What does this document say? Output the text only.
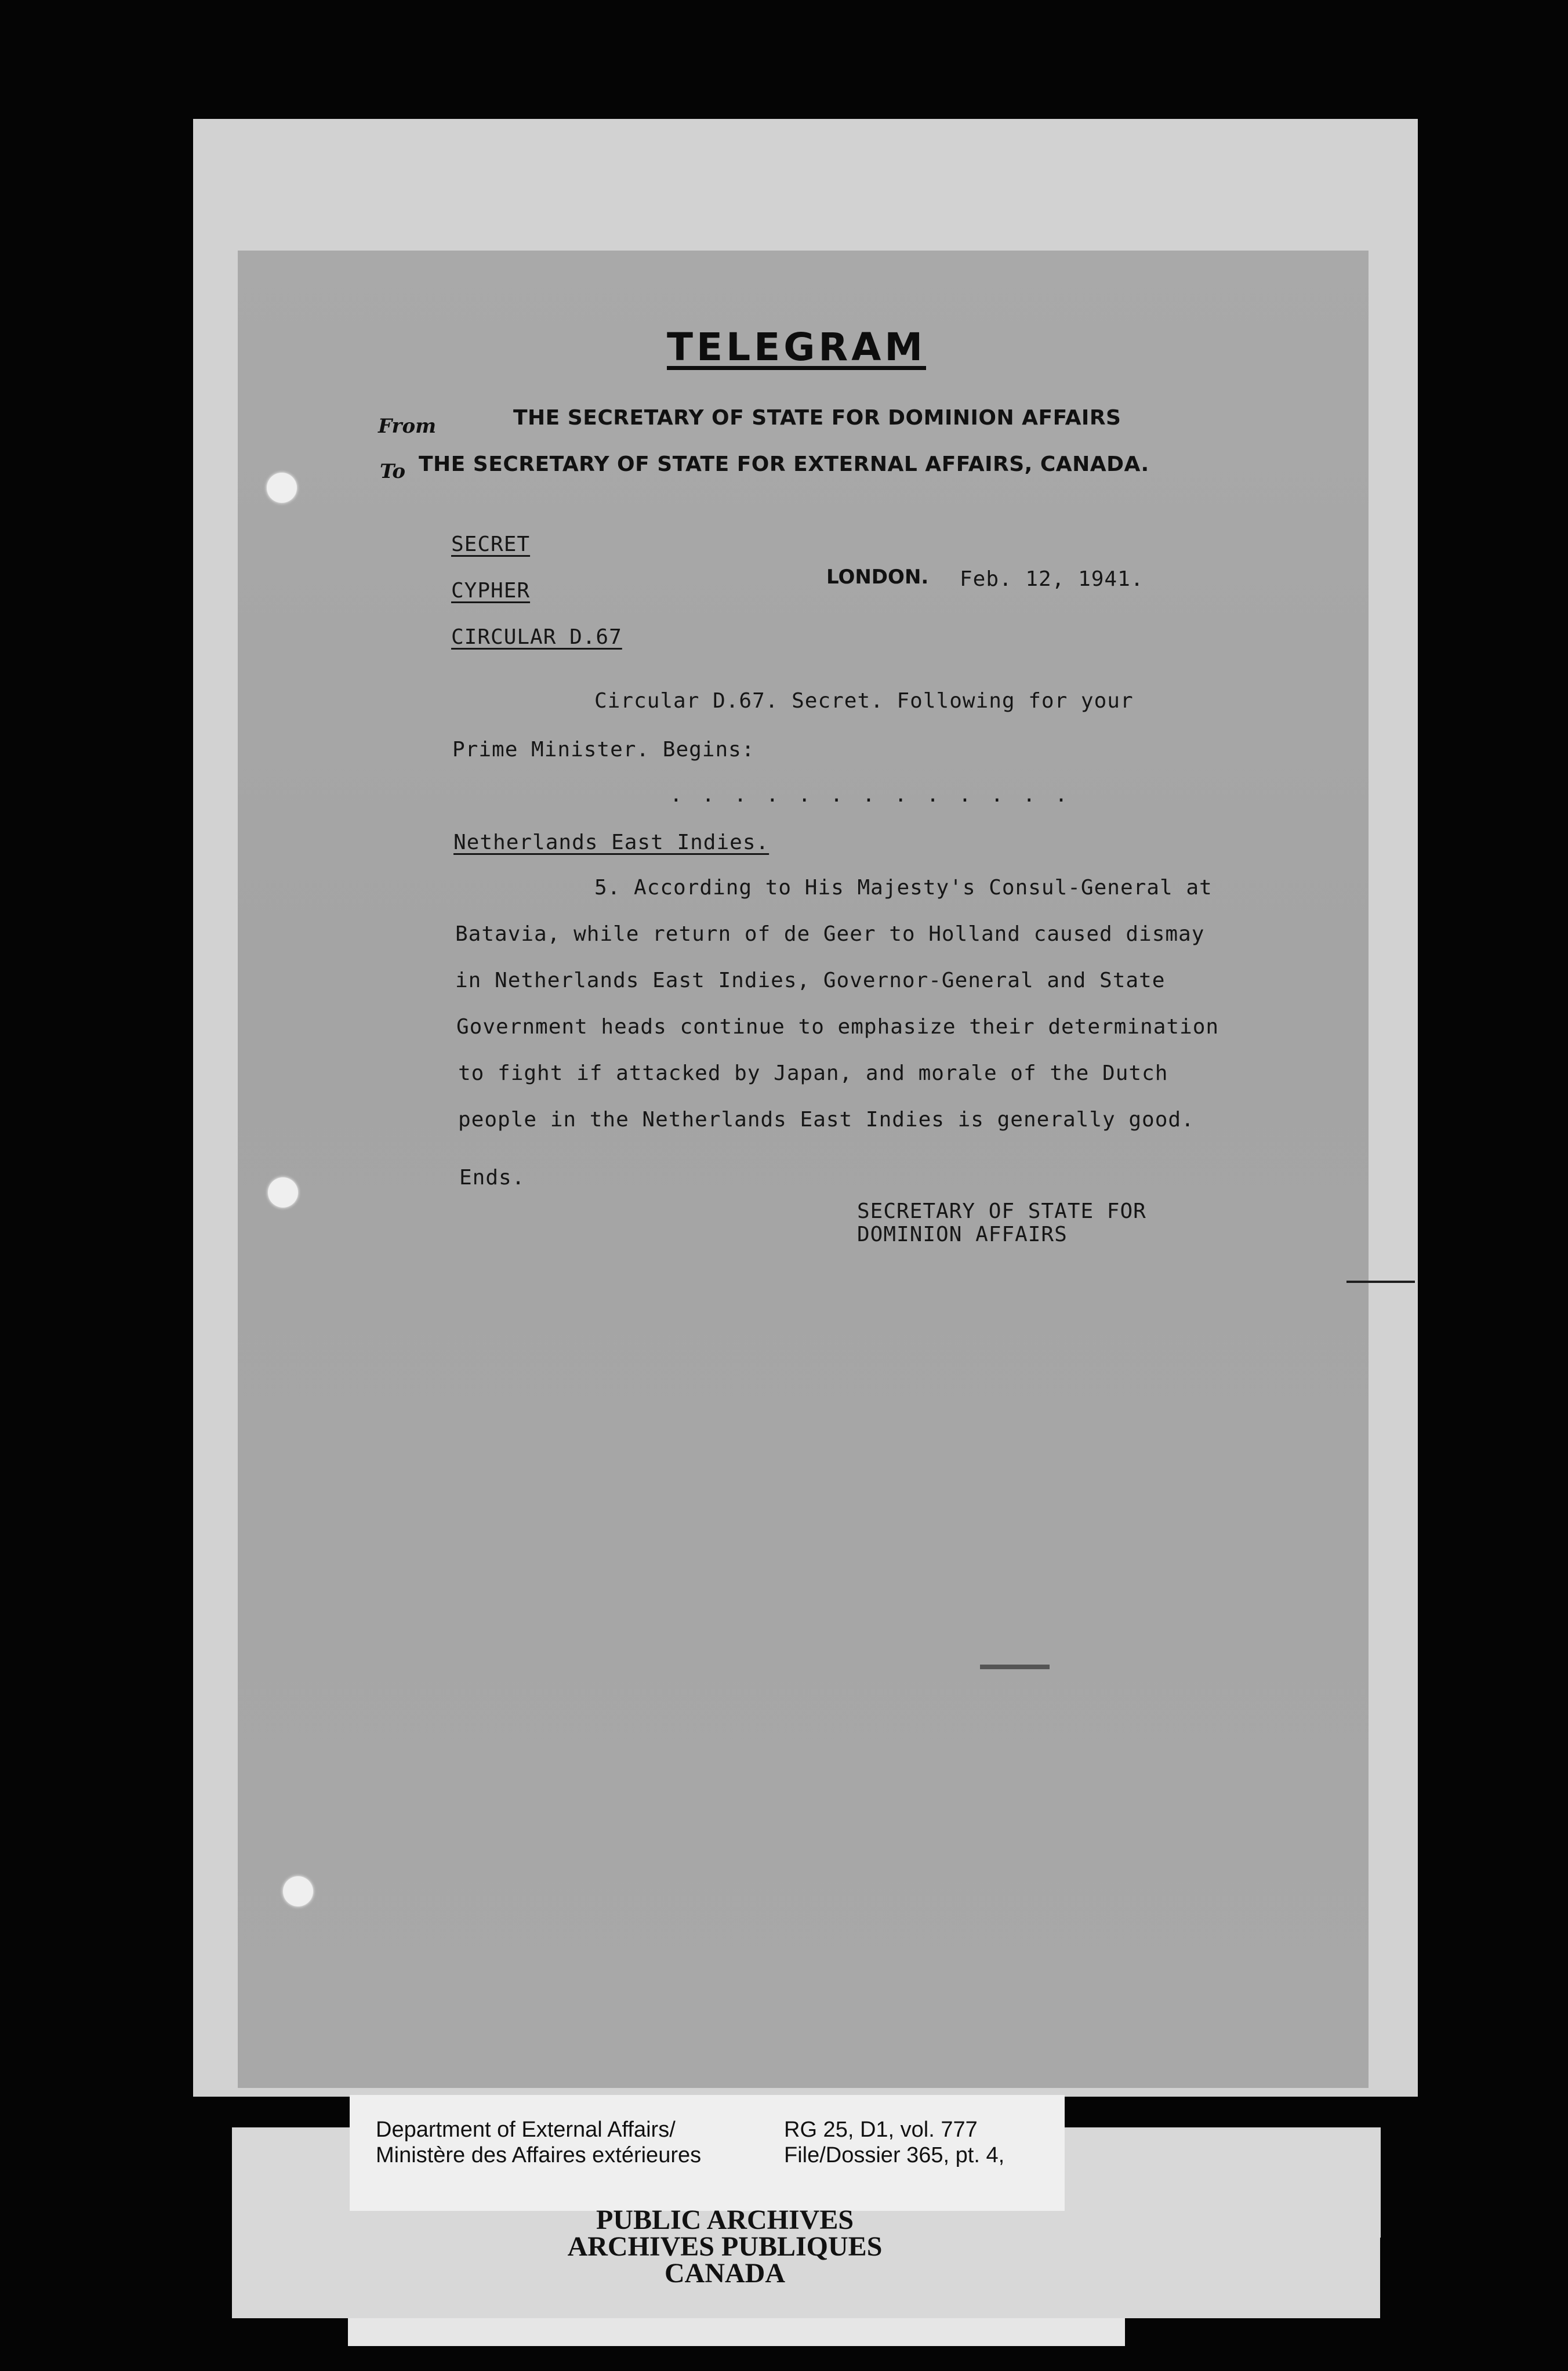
TELEGRAM
From	THE SECRETARY OF STATE FOR DOMINION AFFAIRS
To THE SECRETARY OF STATE FOR EXTERNAL AFFAIRS, CANADA.
SECRET
CYPHER
CIRCULAR D.67
LONDON. Feb. 12, 1941.
Circular D.67. Secret. Following for your
Prime Minister. Begins:
. . . . . . . . . . . . .
Netherlands East Indies.
5. According to His Majesty's Consul-General at
Batavia, while return of de Geer to Holland caused dismay
in Netherlands East Indies, Governor-General and State
Government heads continue to emphasize their determination
to fight if attacked by Japan, and morale of the Dutch
people in the Netherlands East Indies is generally good.
Ends.
SECRETARY OF STATE FOR
DOMINION AFFAIRS
Department of External Affairs/
Ministère des Affaires extérieures
RG 25, D1, vol. 777
File/Dossier 365, pt. 4,
PUBLIC ARCHIVES
ARCHIVES PUBLIQUES
CANADA
